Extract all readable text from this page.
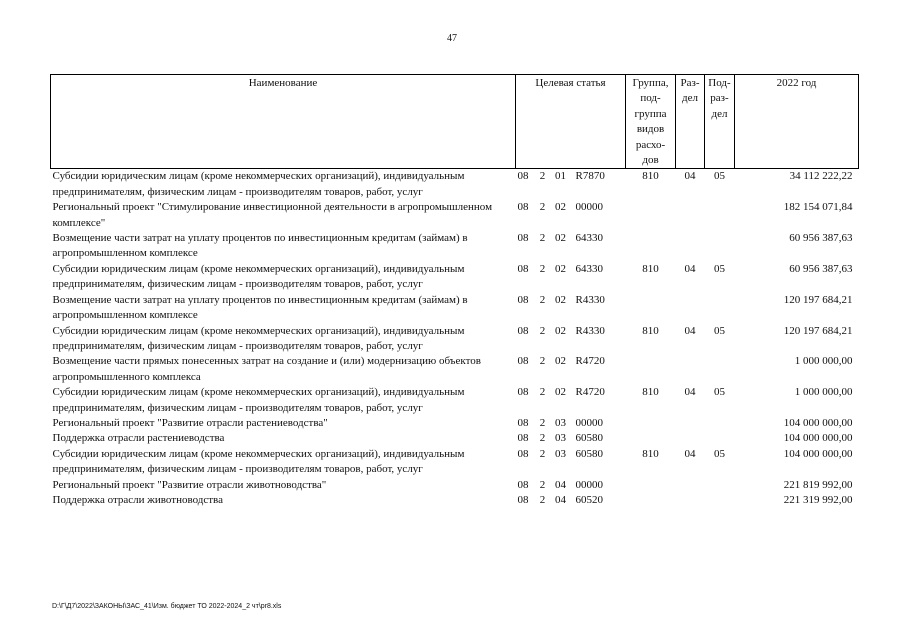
47
Наименование	Целевая статья	Группа, под-группа видов расхо-дов	Раз-дел	Под-раз-дел	2022 год
Субсидии юридическим лицам (кроме некоммерческих организаций), индивидуальным предпринимателям, физическим лицам - производителям товаров, работ, услуг	08 2 01 R7870	810	04	05	34 112 222,22
Региональный проект "Стимулирование инвестиционной деятельности в агропромышленном комплексе"	08 2 02 00000				182 154 071,84
Возмещение части затрат на уплату процентов по инвестиционным кредитам (займам) в агропромышленном комплексе	08 2 02 64330				60 956 387,63
Субсидии юридическим лицам (кроме некоммерческих организаций), индивидуальным предпринимателям, физическим лицам - производителям товаров, работ, услуг	08 2 02 64330	810	04	05	60 956 387,63
Возмещение части затрат на уплату процентов по инвестиционным кредитам (займам) в агропромышленном комплексе	08 2 02 R4330				120 197 684,21
Субсидии юридическим лицам (кроме некоммерческих организаций), индивидуальным предпринимателям, физическим лицам - производителям товаров, работ, услуг	08 2 02 R4330	810	04	05	120 197 684,21
Возмещение части прямых понесенных затрат на создание и (или) модернизацию объектов агропромышленного комплекса	08 2 02 R4720				1 000 000,00
Субсидии юридическим лицам (кроме некоммерческих организаций), индивидуальным предпринимателям, физическим лицам - производителям товаров, работ, услуг	08 2 02 R4720	810	04	05	1 000 000,00
Региональный проект "Развитие отрасли растениеводства"	08 2 03 00000				104 000 000,00
Поддержка отрасли растениеводства	08 2 03 60580				104 000 000,00
Субсидии юридическим лицам (кроме некоммерческих организаций), индивидуальным предпринимателям, физическим лицам - производителям товаров, работ, услуг	08 2 03 60580	810	04	05	104 000 000,00
Региональный проект "Развитие отрасли животноводства"	08 2 04 00000				221 819 992,00
Поддержка отрасли животноводства	08 2 04 60520				221 319 992,00
D:\Г\Д7\2022\ЗАКОНЫ\ЗАС_41\Изм. бюджет ТО 2022-2024_2 чт\pr8.xls
